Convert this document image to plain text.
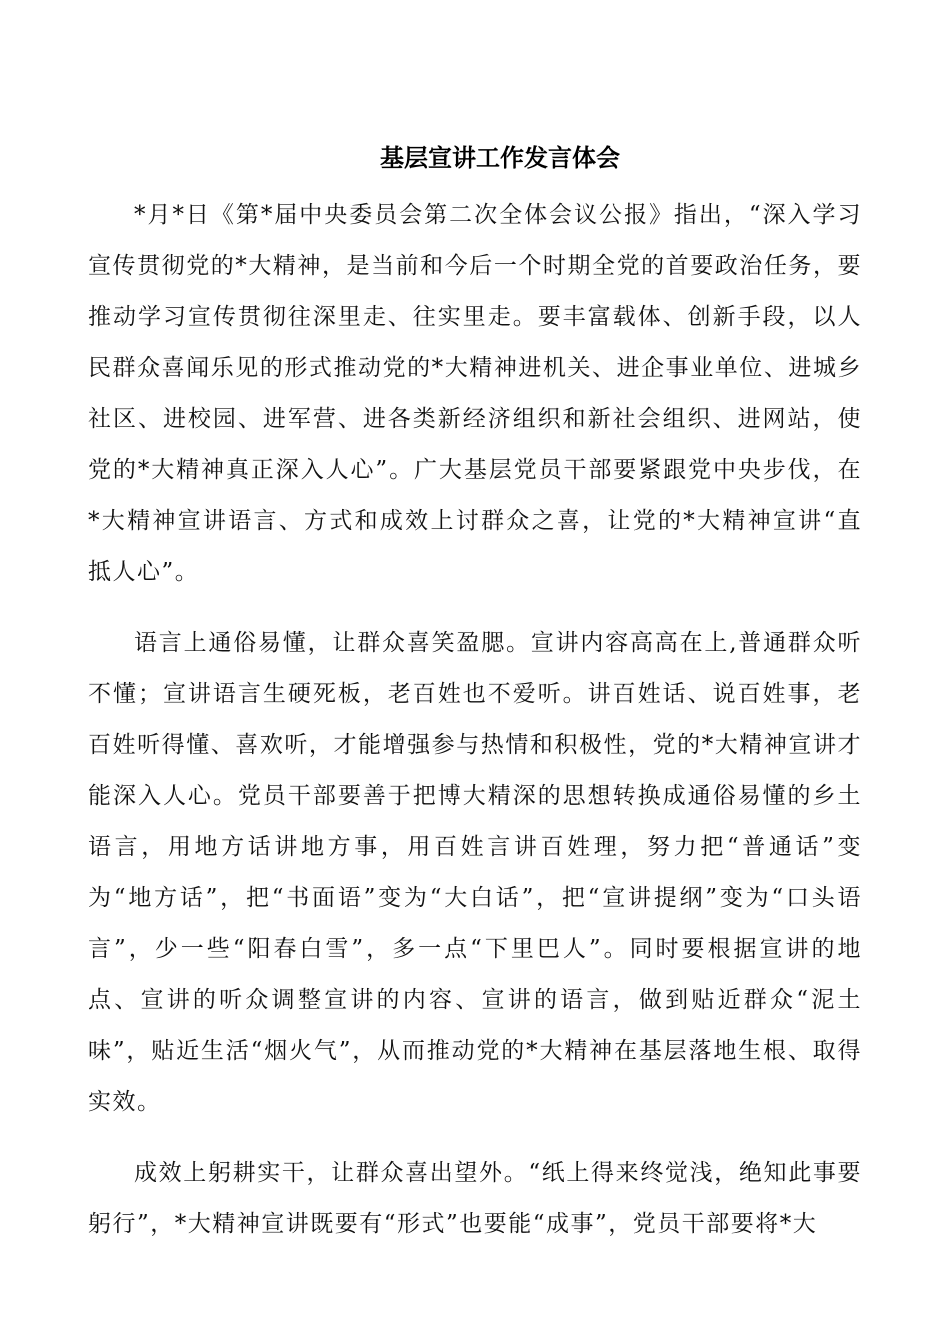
基层宣讲工作发言体会

*月*日《第*届中央委员会第二次全体会议公报》指出，“深入学习宣传贯彻党的*大精神，是当前和今后一个时期全党的首要政治任务，要推动学习宣传贯彻往深里走、往实里走。要丰富载体、创新手段，以人民群众喜闻乐见的形式推动党的*大精神进机关、进企事业单位、进城乡社区、进校园、进军营、进各类新经济组织和新社会组织、进网站，使党的*大精神真正深入人心”。广大基层党员干部要紧跟党中央步伐，在*大精神宣讲语言、方式和成效上讨群众之喜，让党的*大精神宣讲“直抵人心”。

语言上通俗易懂，让群众喜笑盈腮。宣讲内容高高在上,普通群众听不懂；宣讲语言生硬死板，老百姓也不爱听。讲百姓话、说百姓事，老百姓听得懂、喜欢听，才能增强参与热情和积极性，党的*大精神宣讲才能深入人心。党员干部要善于把博大精深的思想转换成通俗易懂的乡土语言，用地方话讲地方事，用百姓言讲百姓理，努力把“普通话”变为“地方话”，把“书面语”变为“大白话”，把“宣讲提纲”变为“口头语言”，少一些“阳春白雪”，多一点“下里巴人”。同时要根据宣讲的地点、宣讲的听众调整宣讲的内容、宣讲的语言，做到贴近群众“泥土味”，贴近生活“烟火气”，从而推动党的*大精神在基层落地生根、取得实效。

成效上躬耕实干，让群众喜出望外。“纸上得来终觉浅，绝知此事要躬行”，*大精神宣讲既要有“形式”也要能“成事”，党员干部要将*大
